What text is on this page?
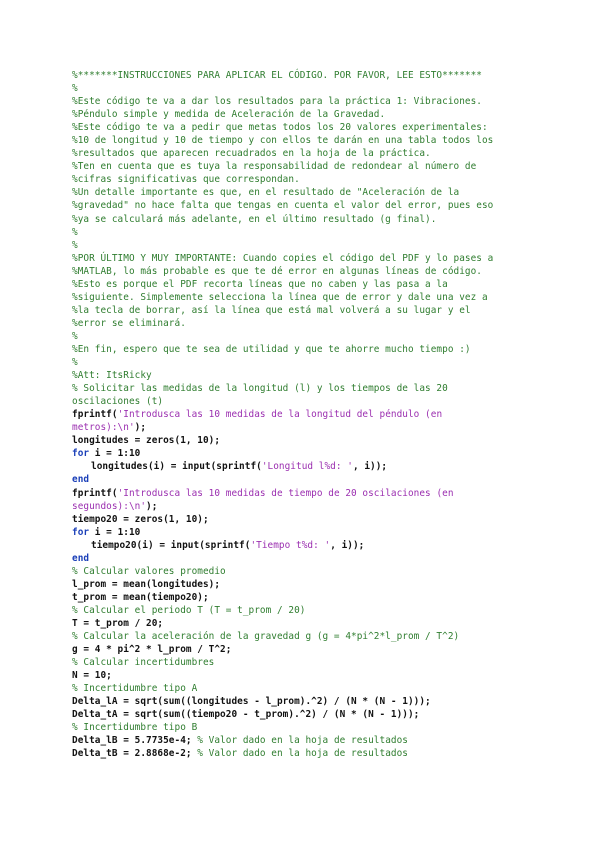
%*******INSTRUCCIONES PARA APLICAR EL CÓDIGO. POR FAVOR, LEE ESTO*******
%
%Este código te va a dar los resultados para la práctica 1: Vibraciones.
%Péndulo simple y medida de Aceleración de la Gravedad.
%Este código te va a pedir que metas todos los 20 valores experimentales:
%10 de longitud y 10 de tiempo y con ellos te darán en una tabla todos los
%resultados que aparecen recuadrados en la hoja de la práctica.
%Ten en cuenta que es tuya la responsabilidad de redondear al número de
%cifras significativas que correspondan.
%Un detalle importante es que, en el resultado de "Aceleración de la
%gravedad" no hace falta que tengas en cuenta el valor del error, pues eso
%ya se calculará más adelante, en el último resultado (g final).
%
%
%POR ÚLTIMO Y MUY IMPORTANTE: Cuando copies el código del PDF y lo pases a
%MATLAB, lo más probable es que te dé error en algunas líneas de código.
%Esto es porque el PDF recorta líneas que no caben y las pasa a la
%siguiente. Simplemente selecciona la línea que de error y dale una vez a
%la tecla de borrar, así la línea que está mal volverá a su lugar y el
%error se eliminará.
%
%En fin, espero que te sea de utilidad y que te ahorre mucho tiempo :)
%
%Att: ItsRicky
% Solicitar las medidas de la longitud (l) y los tiempos de las 20
oscilaciones (t)
fprintf('Introdusca las 10 medidas de la longitud del péndulo (en
metros):\n');
longitudes = zeros(1, 10);
for i = 1:10
longitudes(i) = input(sprintf('Longitud l%d: ', i));
end
fprintf('Introdusca las 10 medidas de tiempo de 20 oscilaciones (en
segundos):\n');
tiempo20 = zeros(1, 10);
for i = 1:10
tiempo20(i) = input(sprintf('Tiempo t%d: ', i));
end
% Calcular valores promedio
l_prom = mean(longitudes);
t_prom = mean(tiempo20);
% Calcular el periodo T (T = t_prom / 20)
T = t_prom / 20;
% Calcular la aceleración de la gravedad g (g = 4*pi^2*l_prom / T^2)
g = 4 * pi^2 * l_prom / T^2;
% Calcular incertidumbres
N = 10;
% Incertidumbre tipo A
Delta_lA = sqrt(sum((longitudes - l_prom).^2) / (N * (N - 1)));
Delta_tA = sqrt(sum((tiempo20 - t_prom).^2) / (N * (N - 1)));
% Incertidumbre tipo B
Delta_lB = 5.7735e-4; % Valor dado en la hoja de resultados
Delta_tB = 2.8868e-2; % Valor dado en la hoja de resultados
